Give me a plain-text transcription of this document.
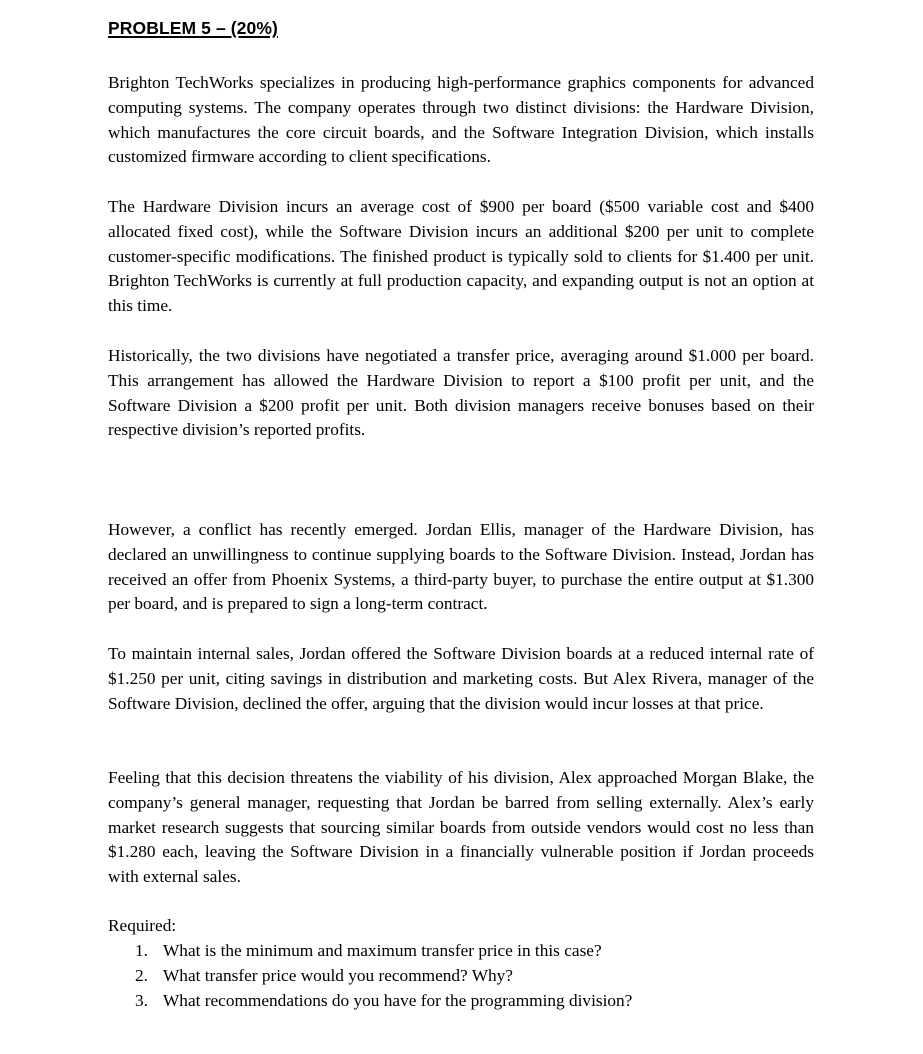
PROBLEM 5 – (20%)

Brighton TechWorks specializes in producing high-performance graphics components for advanced computing systems. The company operates through two distinct divisions: the Hardware Division, which manufactures the core circuit boards, and the Software Integration Division, which installs customized firmware according to client specifications.

The Hardware Division incurs an average cost of $900 per board ($500 variable cost and $400 allocated fixed cost), while the Software Division incurs an additional $200 per unit to complete customer-specific modifications. The finished product is typically sold to clients for $1.400 per unit. Brighton TechWorks is currently at full production capacity, and expanding output is not an option at this time.

Historically, the two divisions have negotiated a transfer price, averaging around $1.000 per board. This arrangement has allowed the Hardware Division to report a $100 profit per unit, and the Software Division a $200 profit per unit. Both division managers receive bonuses based on their respective division’s reported profits.

However, a conflict has recently emerged. Jordan Ellis, manager of the Hardware Division, has declared an unwillingness to continue supplying boards to the Software Division. Instead, Jordan has received an offer from Phoenix Systems, a third-party buyer, to purchase the entire output at $1.300 per board, and is prepared to sign a long-term contract.

To maintain internal sales, Jordan offered the Software Division boards at a reduced internal rate of $1.250 per unit, citing savings in distribution and marketing costs. But Alex Rivera, manager of the Software Division, declined the offer, arguing that the division would incur losses at that price.

Feeling that this decision threatens the viability of his division, Alex approached Morgan Blake, the company’s general manager, requesting that Jordan be barred from selling externally. Alex’s early market research suggests that sourcing similar boards from outside vendors would cost no less than $1.280 each, leaving the Software Division in a financially vulnerable position if Jordan proceeds with external sales.

Required:

1. What is the minimum and maximum transfer price in this case?
2. What transfer price would you recommend? Why?
3. What recommendations do you have for the programming division?
